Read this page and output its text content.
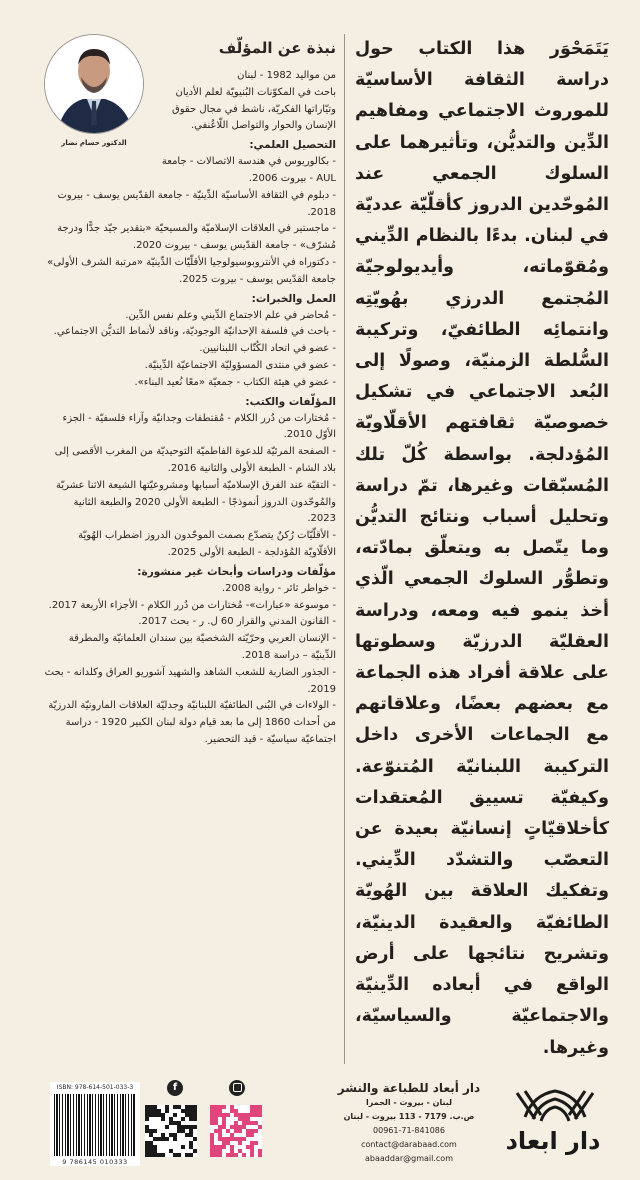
الدكتور حسام نضار
نبذة عن المؤلّف

من مواليد 1982 - لبنان

باحث في المكوّنات البُنيويّة لعلم الأديان وتيّاراتها الفكريّة، ناشط في مجال حقوق الإنسان والحوار والتواصل اللّاعُنفي.

التحصيل العلمي:

- بكالوريوس في هندسة الاتصالات - جامعة AUL - بيروت 2006.

- دبلوم في الثقافة الأساسيّة الدِّينيّة - جامعة القدّيس يوسف - بيروت 2018.

- ماجستير في العلاقات الإسلاميّة والمسيحيّة «بتقدير جيّد جدًّا ودرجة مُشرّف» - جامعة القدّيس يوسف - بيروت 2020.

- دكتوراه في الأنتروبوسيولوجيا الأقلّيّات الدِّينيّة «مرتبة الشرف الأولى» جامعة القدّيس يوسف - بيروت 2025.

العمل والخبرات:

- مُحاضر في علم الاجتماع الدِّيني وعلم نفس الدِّين.

- باحث في فلسفة الإحدانيّة الوجوديّة، وناقد لأنماط التديُّن الاجتماعي.

- عضو في اتحاد الكُتّاب اللبنانيين.

- عضو في منتدى المسؤوليّة الاجتماعيّة الدِّينيّة.

- عضو في هيئة الكتاب - جمعيّة «معًا نُعيد البناء».

المؤلّفات والكتب:

- مُختارات من دُرر الكلام - مُقتطفات وجدانيّة وآراء فلسفيّة - الجزء الأوّل 2010.

- الصفحة المرئيّة للدعوة الفاطميّة التوحيديّة من المغرب الأقصى إلى بلاد الشام - الطبعة الأولى والثانية 2016.

- التقيّة عند الفرق الإسلاميّة أسبابها ومشروعيّتها الشيعة الاثنا عشريّة والمُوحّدون الدروز أنموذجًا - الطبعة الأولى 2020 والطبعة الثانية 2023.

- الأقلّيّات رُكنٌ يتصدّع بصمت الموحّدون الدروز اضطراب الهُويّة الأقلّاويّة المُؤدلجة - الطبعة الأولى 2025.

مؤلّفات ودراسات وأبحاث غير منشورة:

- خواطر ثائر - رواية 2008.

- موسوعة «عبارات»- مُختارات من دُرر الكلام - الأجزاء الأربعة 2017.

- القانون المدني والقرار 60 ل. ر - بحث 2017.

- الإنسان العربي وحرّيّته الشخصيّة بين سندان العلمانيّة والمطرقة الدِّينيّة – دراسة 2018.

- الجذور الضاربة للشعب الشاهد والشهيد آشوريو العراق وكلدانه - بحث 2019.

- الولاءات في البُنى الطائفيّة اللبنانيّة وجدليّة العلاقات المارونيّة الدرزيّة من أحداث 1860 إلى ما بعد قيام دولة لبنان الكبير 1920 - دراسة اجتماعيّة سياسيّة - قيد التحضير.

يَتَمَحْوَر هذا الكتاب حول دراسة الثقافة الأساسيّة للموروث الاجتماعي ومفاهيم الدِّين والتديُّن، وتأثيرهما على السلوك الجمعي عند المُوحّدين الدروز كأقلّيّة عدديّة في لبنان. بدءًا بالنظام الدِّيني ومُقوّماته، وأيديولوجيّة المُجتمع الدرزي بهُويّتِه وانتمائِه الطائفيّ، وتركيبة السُّلطة الزمنيّة، وصولًا إلى البُعد الاجتماعي في تشكيل خصوصيّة ثقافتهم الأقلّاويّة المُؤدلجة. بواسطة كُلّ تلك المُسبّقات وغيرها، تمّ دراسة وتحليل أسباب ونتائج التديُّن وما يتّصل به ويتعلّق بمادّته، وتطوُّر السلوك الجمعي الّذي أخذ ينمو فيه ومعه، ودراسة العقليّة الدرزيّة وسطوتها على علاقة أفراد هذه الجماعة مع بعضهم بعضًا، وعلاقاتهم مع الجماعات الأخرى داخل التركيبة اللبنانيّة المُتنوّعة. وكيفيّة تسييق المُعتقدات كأخلاقيّاتٍ إنسانيّة بعيدة عن التعصّب والتشدّد الدِّيني. وتفكيك العلاقة بين الهُويّة الطائفيّة والعقيدة الدينيّة، وتشريح نتائجها على أرض الواقع في أبعاده الدِّينيّة والاجتماعيّة والسياسيّة، وغيرها.
ISBN: 978-614-501-033-3
9 786145 010333
f	دار أبعاد للطباعة والنشر
لبنان - بيروت - الحمرا
ص.ب. 7179 - 113 بيروت - لبنان
00961-71-841086
contact@darabaad.com
abaaddar@gmail.com
دار ابعاد
